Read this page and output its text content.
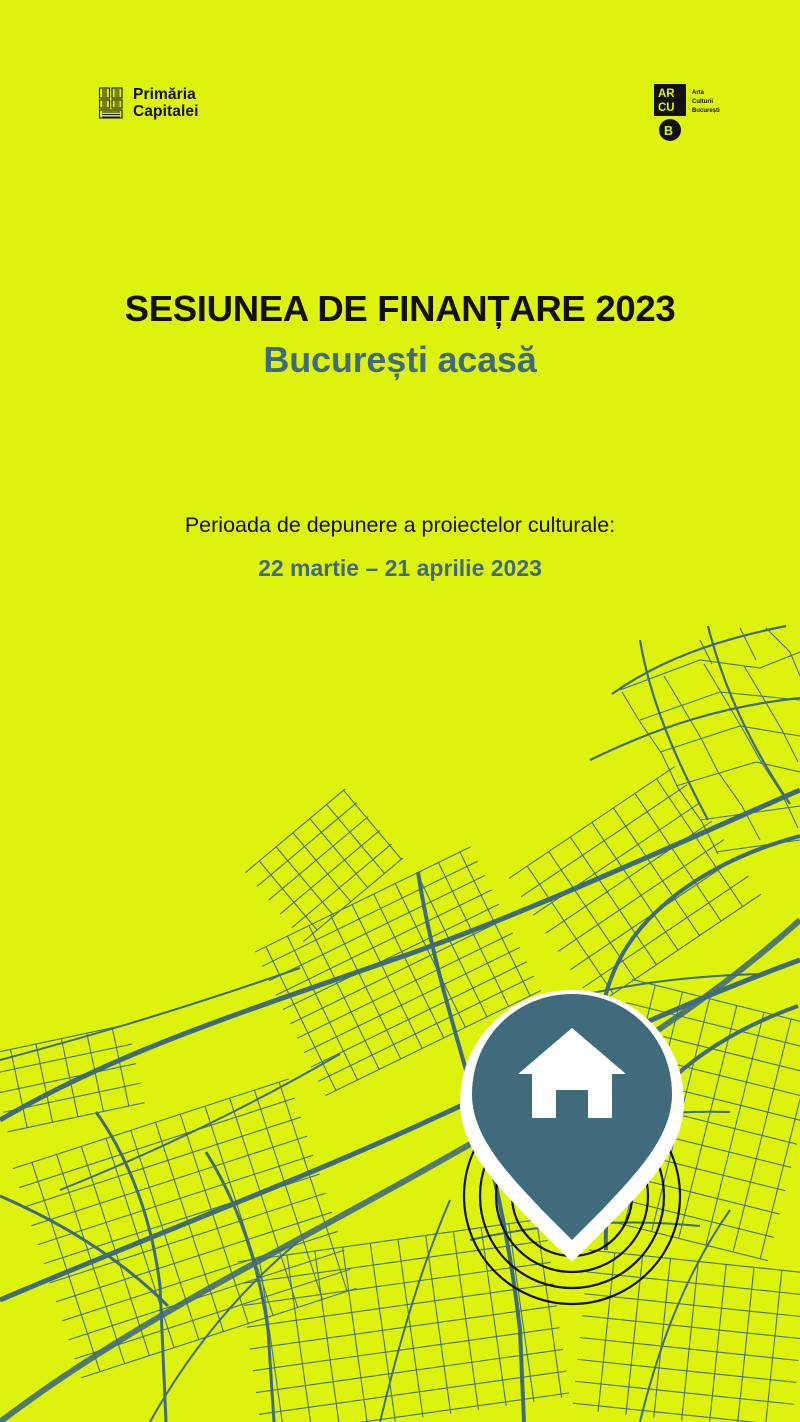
Primăria
Capitalei
AR
CU
B
Arta
Culturii
București
SESIUNEA DE FINANȚARE 2023
București acasă

Perioada de depunere a proiectelor culturale:

22 martie – 21 aprilie 2023
